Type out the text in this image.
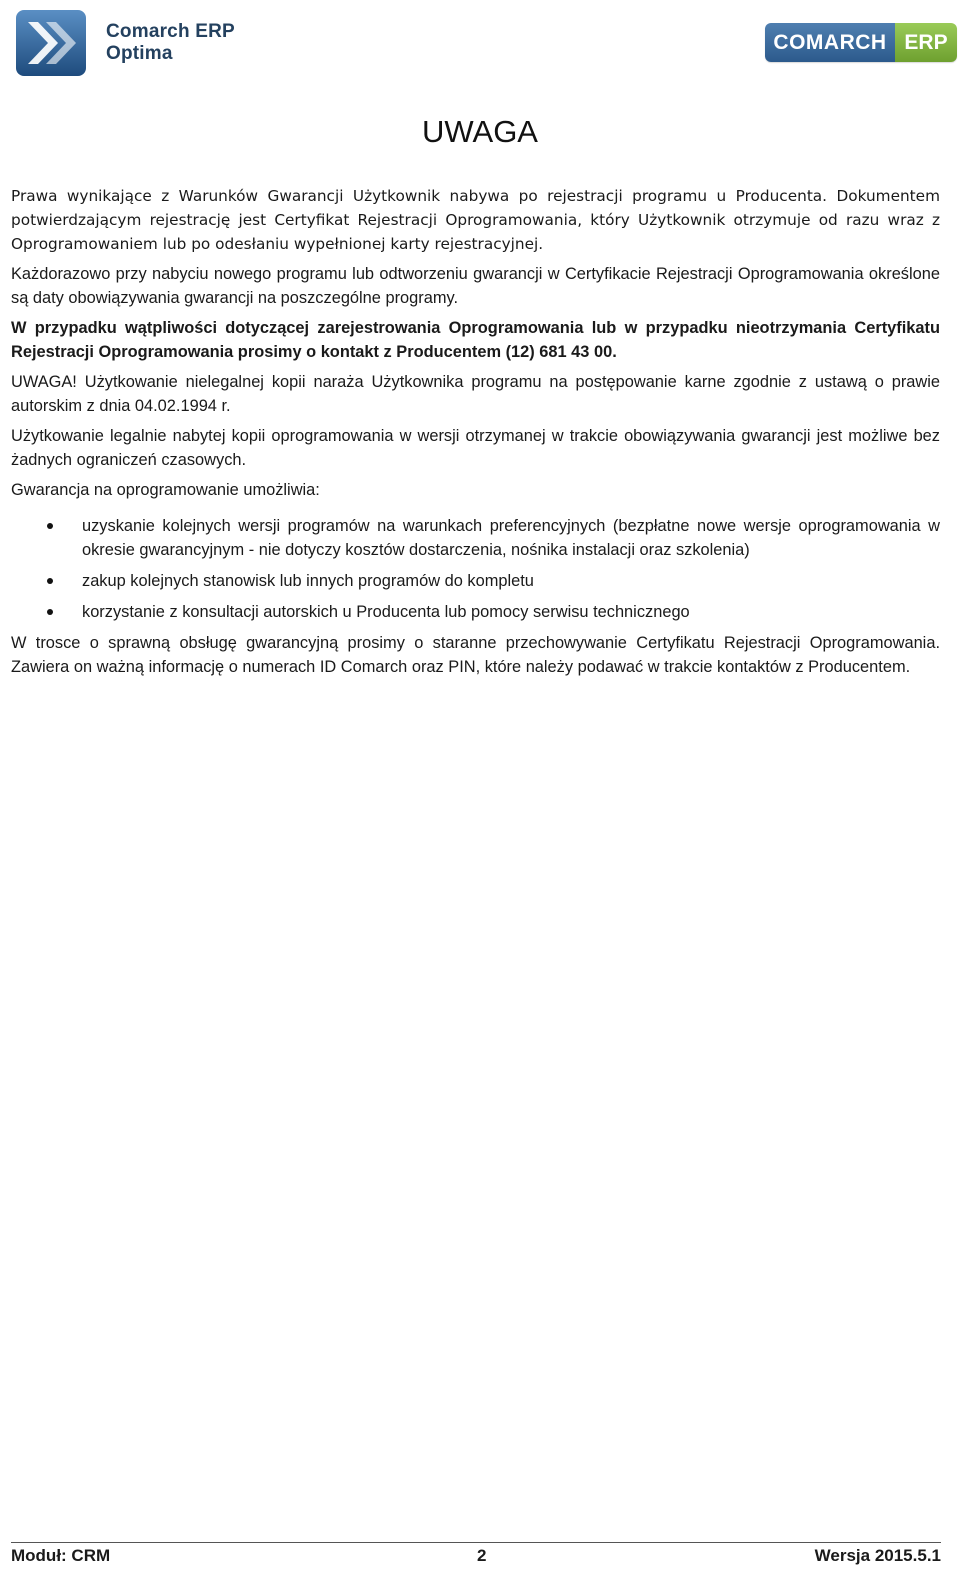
Comarch ERP
Optima	COMARCH ERP
UWAGA

Prawa wynikające z Warunków Gwarancji Użytkownik nabywa po rejestracji programu u Producenta. Dokumentem potwierdzającym rejestrację jest Certyfikat Rejestracji Oprogramowania, który Użytkownik otrzymuje od razu wraz z Oprogramowaniem lub po odesłaniu wypełnionej karty rejestracyjnej.

Każdorazowo przy nabyciu nowego programu lub odtworzeniu gwarancji w Certyfikacie Rejestracji Oprogramowania określone są daty obowiązywania gwarancji na poszczególne programy.

W przypadku wątpliwości dotyczącej zarejestrowania Oprogramowania lub w przypadku nieotrzymania Certyfikatu Rejestracji Oprogramowania prosimy o kontakt z Producentem (12) 681 43 00.

UWAGA! Użytkowanie nielegalnej kopii naraża Użytkownika programu na postępowanie karne zgodnie z ustawą o prawie autorskim z dnia 04.02.1994 r.

Użytkowanie legalnie nabytej kopii oprogramowania w wersji otrzymanej w trakcie obowiązywania gwarancji jest możliwe bez żadnych ograniczeń czasowych.

Gwarancja na oprogramowanie umożliwia:

uzyskanie kolejnych wersji programów na warunkach preferencyjnych (bezpłatne nowe wersje oprogramowania w okresie gwarancyjnym - nie dotyczy kosztów dostarczenia, nośnika instalacji oraz szkolenia)
zakup kolejnych stanowisk lub innych programów do kompletu
korzystanie z konsultacji autorskich u Producenta lub pomocy serwisu technicznego

W trosce o sprawną obsługę gwarancyjną prosimy o staranne przechowywanie Certyfikatu Rejestracji Oprogramowania. Zawiera on ważną informację o numerach ID Comarch oraz PIN, które należy podawać w trakcie kontaktów z Producentem.

Moduł: CRM	2	Wersja 2015.5.1
